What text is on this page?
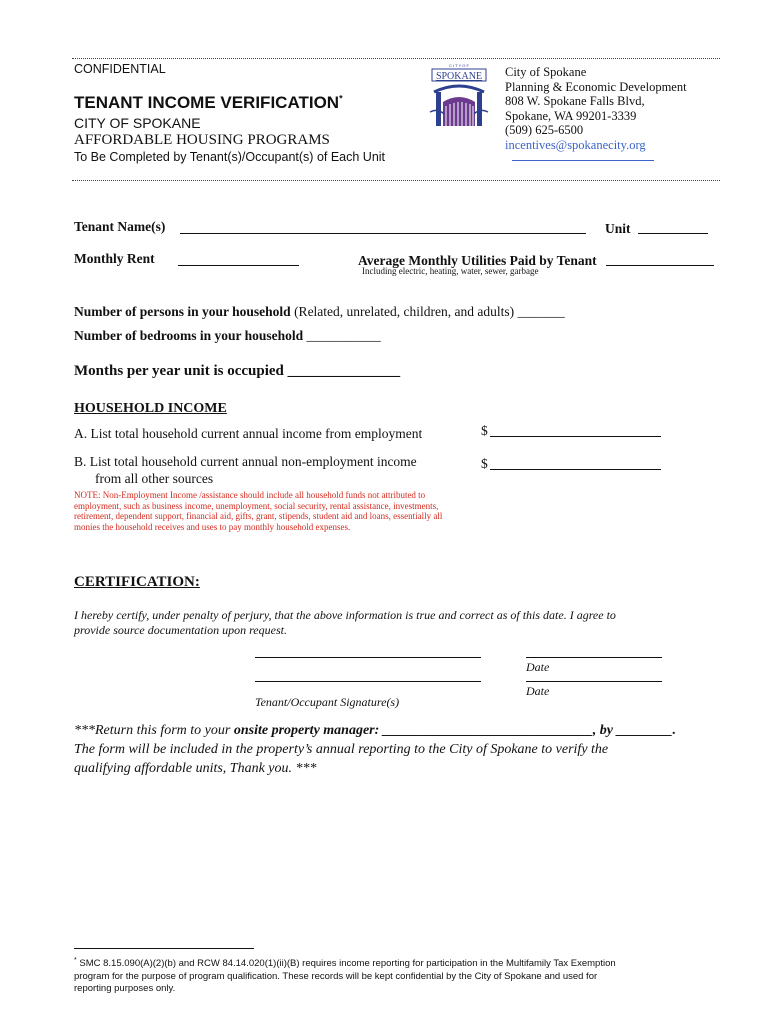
CONFIDENTIAL
TENANT INCOME VERIFICATION*
CITY OF SPOKANE
AFFORDABLE HOUSING PROGRAMS
To Be Completed by Tenant(s)/Occupant(s) of Each Unit
C I T Y O F
SPOKANE City of Spokane
Planning & Economic Development
808 W. Spokane Falls Blvd,
Spokane, WA 99201-3339
(509) 625-6500
incentives@spokanecity.org
Tenant Name(s)	Unit
Monthly Rent	Average Monthly Utilities Paid by Tenant
Including electric, heating, water, sewer, garbage
Number of persons in your household (Related, unrelated, children, and adults) _______
Number of bedrooms in your household ___________
Months per year unit is occupied _______________
HOUSEHOLD INCOME
A. List total household current annual income from employment	$
B. List total household current annual non-employment income
from all other sources
$
NOTE: Non-Employment Income /assistance should include all household funds not attributed to
employment, such as business income, unemployment, social security, rental assistance, investments,
retirement, dependent support, financial aid, gifts, grant, stipends, student aid and loans, essentially all
monies the household receives and uses to pay monthly household expenses.
CERTIFICATION:
I hereby certify, under penalty of perjury, that the above information is true and correct as of this date. I agree to
provide source documentation upon request.
Date
Date
Tenant/Occupant Signature(s)
***Return this form to your onsite property manager: ______________________________, by ________.
The form will be included in the property’s annual reporting to the City of Spokane to verify the
qualifying affordable units, Thank you. ***
* SMC 8.15.090(A)(2)(b) and RCW 84.14.020(1)(ii)(B) requires income reporting for participation in the Multifamily Tax Exemption
program for the purpose of program qualification. These records will be kept confidential by the City of Spokane and used for
reporting purposes only.
